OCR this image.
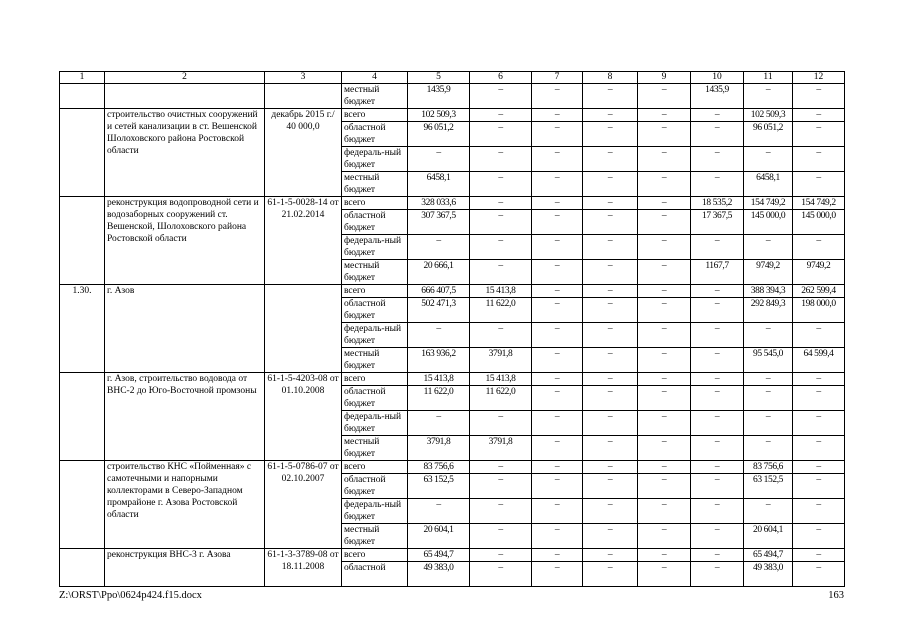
1	2	3	4	5	6	7	8	9	10	11	12
			местный бюджет	1435,9	–	–	–	–	1435,9	–	–
	строительство очистных сооружений и сетей канализации в ст. Вешенской Шолоховского района Ростовской области	декабрь 2015 г./ 40 000,0	всего	102 509,3	–	–	–	–	–	102 509,3	–
			областной бюджет	96 051,2	–	–	–	–	–	96 051,2	–
			федераль-ный бюджет	–	–	–	–	–	–	–	–
			местный бюджет	6458,1	–	–	–	–	–	6458,1	–
	реконструкция водопроводной сети и водозаборных сооружений ст. Вешенской, Шолоховского района Ростовской области	61-1-5-0028-14 от 21.02.2014	всего	328 033,6	–	–	–	–	18 535,2	154 749,2	154 749,2
			областной бюджет	307 367,5	–	–	–	–	17 367,5	145 000,0	145 000,0
			федераль-ный бюджет	–	–	–	–	–	–	–	–
			местный бюджет	20 666,1	–	–	–	–	1167,7	9749,2	9749,2
1.30.	г. Азов		всего	666 407,5	15 413,8	–	–	–	–	388 394,3	262 599,4
			областной бюджет	502 471,3	11 622,0	–	–	–	–	292 849,3	198 000,0
			федераль-ный бюджет	–	–	–	–	–	–	–	–
			местный бюджет	163 936,2	3791,8	–	–	–	–	95 545,0	64 599,4
	г. Азов, строительство водовода от ВНС-2 до Юго-Восточной промзоны	61-1-5-4203-08 от 01.10.2008	всего	15 413,8	15 413,8	–	–	–	–	–	–
			областной бюджет	11 622,0	11 622,0	–	–	–	–	–	–
			федераль-ный бюджет	–	–	–	–	–	–	–	–
			местный бюджет	3791,8	3791,8	–	–	–	–	–	–
	строительство КНС «Пойменная» с самотечными и напорными коллекторами в Северо-Западном промрайоне г. Азова Ростовской области	61-1-5-0786-07 от 02.10.2007	всего	83 756,6	–	–	–	–	–	83 756,6	–
			областной бюджет	63 152,5	–	–	–	–	–	63 152,5	–
			федераль-ный бюджет	–	–	–	–	–	–	–	–
			местный бюджет	20 604,1	–	–	–	–	–	20 604,1	–
	реконструкция ВНС-3 г. Азова	61-1-3-3789-08 от 18.11.2008	всего	65 494,7	–	–	–	–	–	65 494,7	–
			областной	49 383,0	–	–	–	–	–	49 383,0	–
Z:\ORST\Ppo\0624p424.f15.docx	163
